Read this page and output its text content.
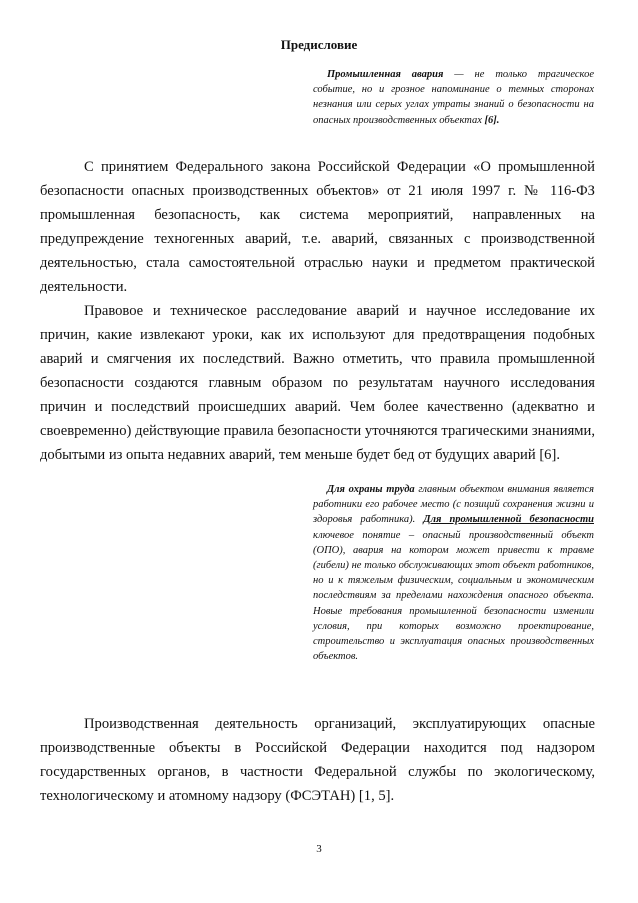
Предисловие

Промышленная авария — не только трагическое событие, но и грозное напоминание о темных сторонах незнания или серых углах утраты знаний о безопасности на опасных производственных объектах [6].

С принятием Федерального закона Российской Федерации «О промышленной безопасности опасных производственных объектов» от 21 июля 1997 г. № 116-ФЗ промышленная безопасность, как система мероприятий, направленных на предупреждение техногенных аварий, т.е. аварий, связанных с производственной деятельностью, стала самостоятельной отраслью науки и предметом практической деятельности.

Правовое и техническое расследование аварий и научное исследование их причин, какие извлекают уроки, как их используют для предотвращения подобных аварий и смягчения их последствий. Важно отметить, что правила промышленной безопасности создаются главным образом по результатам научного исследования причин и последствий происшедших аварий. Чем более качественно (адекватно и своевременно) действующие правила безопасности уточняются трагическими знаниями, добытыми из опыта недавних аварий, тем меньше будет бед от будущих аварий [6].

Для охраны труда главным объектом внимания является работники его рабочее место (с позиций сохранения жизни и здоровья работника). Для промышленной безопасности ключевое понятие – опасный производственный объект (ОПО), авария на котором может привести к травме (гибели) не только обслуживающих этот объект работников, но и к тяжелым физическим, социальным и экономическим последствиям за пределами нахождения опасного объекта. Новые требования промышленной безопасности изменили условия, при которых возможно проектирование, строительство и эксплуатация опасных производственных объектов.

Производственная деятельность организаций, эксплуатирующих опасные производственные объекты в Российской Федерации находится под надзором государственных органов, в частности Федеральной службы по экологическому, технологическому и атомному надзору (ФСЭТАН) [1, 5].

3
